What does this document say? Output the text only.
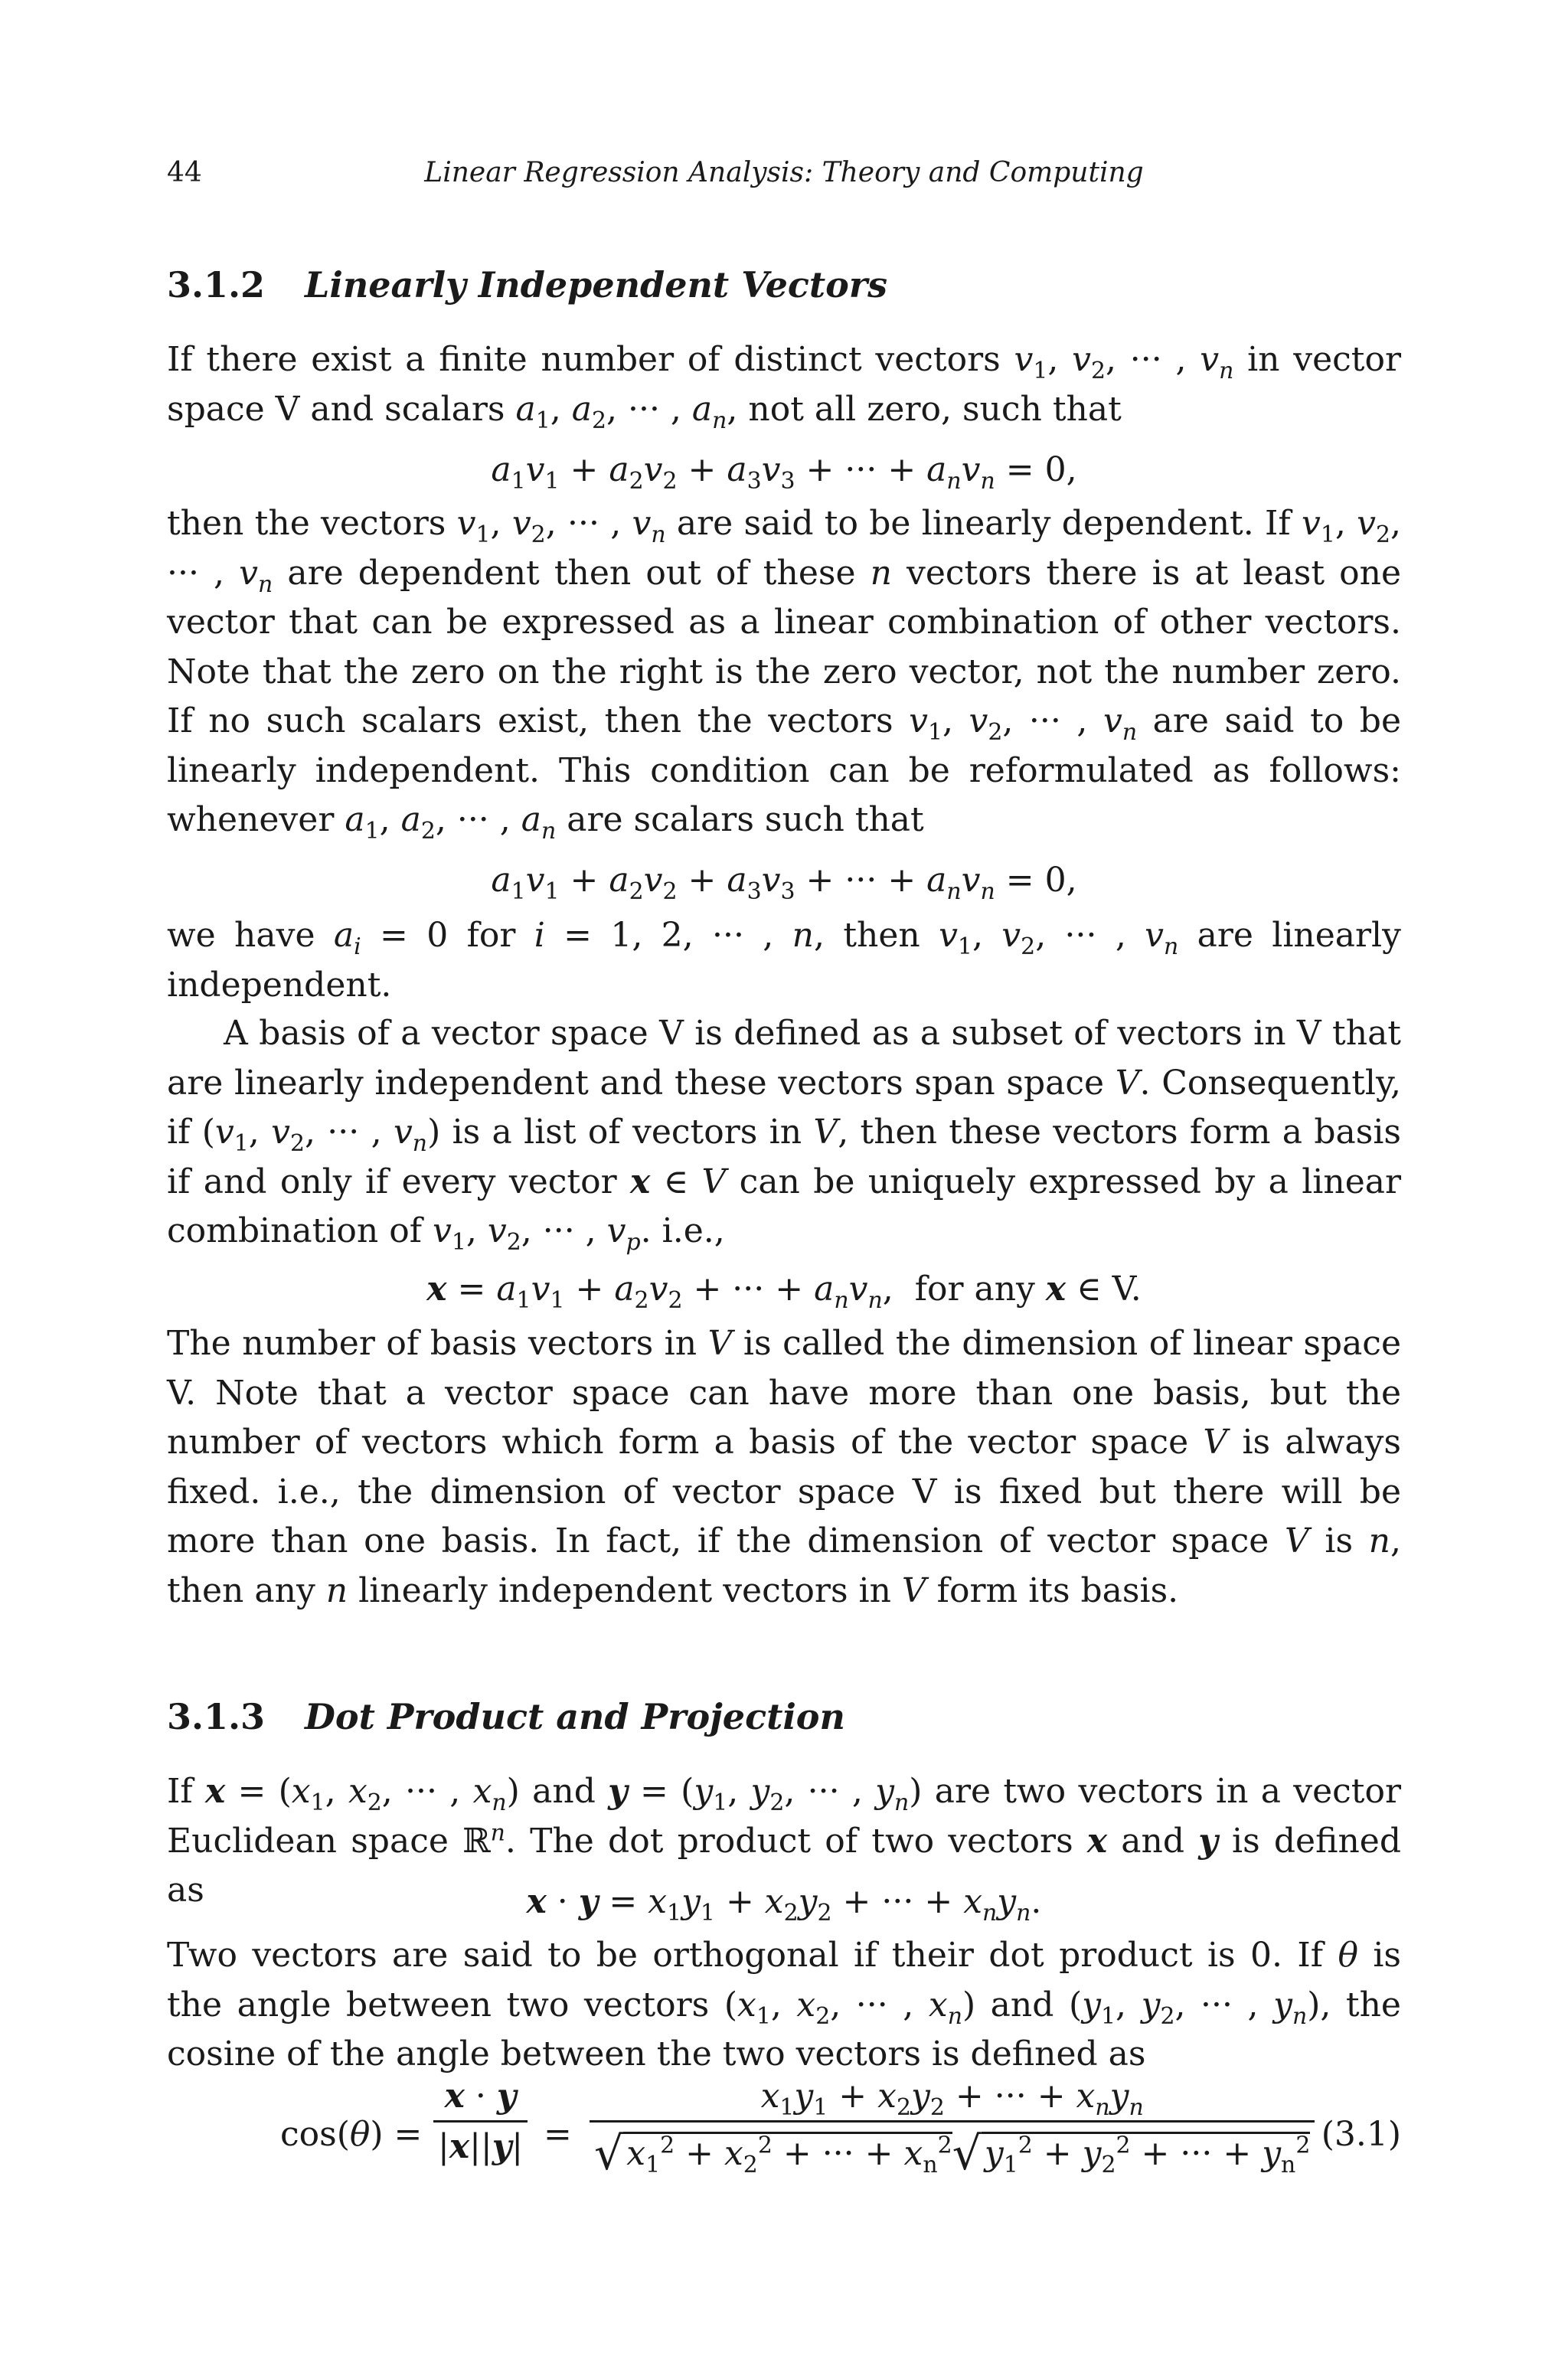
44	Linear Regression Analysis: Theory and Computing
3.1.2 Linearly Independent Vectors

If there exist a finite number of distinct vectors $v_1$, $v_2$, ··· , $v_n$ in vector space V and scalars $a_1$, $a_2$, ··· , $a_n$, not all zero, such that

$a_1v_1 + a_2v_2 + a_3v_3$ + ··· + $a_nv_n = 0$,

then the vectors $v_1$, $v_2$, ··· , $v_n$ are said to be linearly dependent. If $v_1$, $v_2$, ··· , $v_n$ are dependent then out of these n vectors there is at least one vector that can be expressed as a linear combination of other vectors. Note that the zero on the right is the zero vector, not the number zero. If no such scalars exist, then the vectors $v_1$, $v_2$, ··· , $v_n$ are said to be linearly independent. This condition can be reformulated as follows: whenever $a_1$, $a_2$, ··· , $a_n$ are scalars such that

$a_1v_1 + a_2v_2 + a_3v_3$ + ··· + $a_nv_n = 0$,

we have $a_i = 0$ for i = 1, 2, ··· , n, then $v_1$, $v_2$, ··· , $v_n$ are linearly independent.

A basis of a vector space V is defined as a subset of vectors in V that are linearly independent and these vectors span space V. Consequently, if ($v_1$, $v_2$, ··· , $v_n$) is a list of vectors in V, then these vectors form a basis if and only if every vector x ∈ V can be uniquely expressed by a linear combination of $v_1$, $v_2$, ··· , $v_p$. i.e.,

$x = a_1v_1 + a_2v_2$ + ··· + $a_nv_n$,  for any x ∈ V.

The number of basis vectors in V is called the dimension of linear space V. Note that a vector space can have more than one basis, but the number of vectors which form a basis of the vector space V is always fixed. i.e., the dimension of vector space V is fixed but there will be more than one basis. In fact, if the dimension of vector space V is n, then any n linearly independent vectors in V form its basis.

3.1.3 Dot Product and Projection

If $x = (x_1$, $x_2$, ··· , $x_n$) and $y = (y_1$, $y_2$, ··· , $y_n$) are two vectors in a vector Euclidean space ℝ$^n$. The dot product of two vectors x and y is defined as	$x \cdot y = x_1y_1 + x_2y_2$ + ··· + $x_ny_n$.

Two vectors are said to be orthogonal if their dot product is 0. If θ is the angle between two vectors ($x_1$, $x_2$, ··· , $x_n$) and ($y_1$, $y_2$, ··· , $y_n$), the cosine of the angle between the two vectors is defined as

cos(θ) =
x · y
|x||y| =
$x_1y_1 + x_2y_2$ + ··· + $x_ny_n$
$√x_1^2 + x_2^2$ + ··· + $x_n^2√y_1^2 + y_2^2$ + ··· + $y_n^2$ (3.1)
